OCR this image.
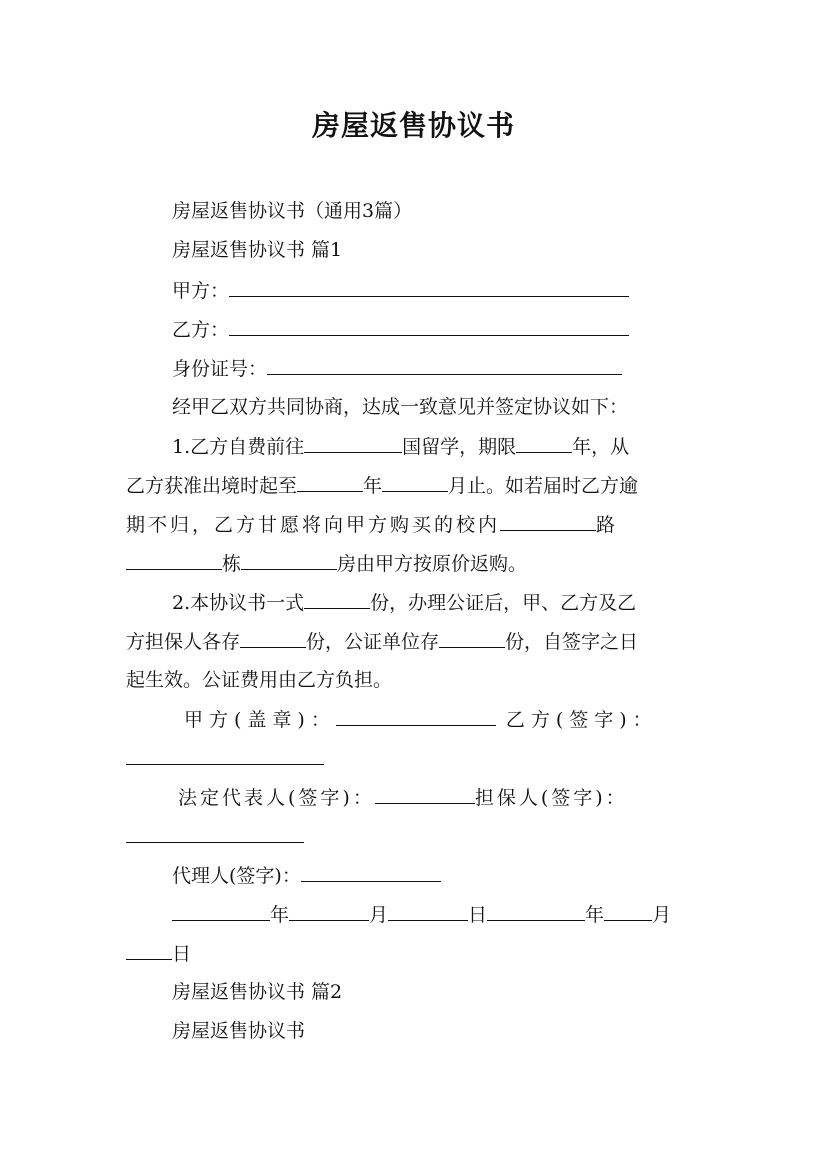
房屋返售协议书
房屋返售协议书（通用3篇）
房屋返售协议书 篇1
甲方：
乙方：
身份证号：
经甲乙双方共同协商，达成一致意见并签定协议如下：
1.乙方自费前往	国留学，期限	年，从
乙方获准出境时起至	年	月止。如若届时乙方逾
期不归，乙方甘愿将向甲方购买的校内	路
栋	房由甲方按原价返购。
2.本协议书一式	份，办理公证后，甲、乙方及乙
方担保人各存	份，公证单位存	份，自签字之日
起生效。公证费用由乙方负担。
甲方(盖章)：	乙方(签字)：
法定代表人(签字)：	担保人(签字)：
代理人(签字)：
年	月	日	年	月
日
房屋返售协议书 篇2
房屋返售协议书
